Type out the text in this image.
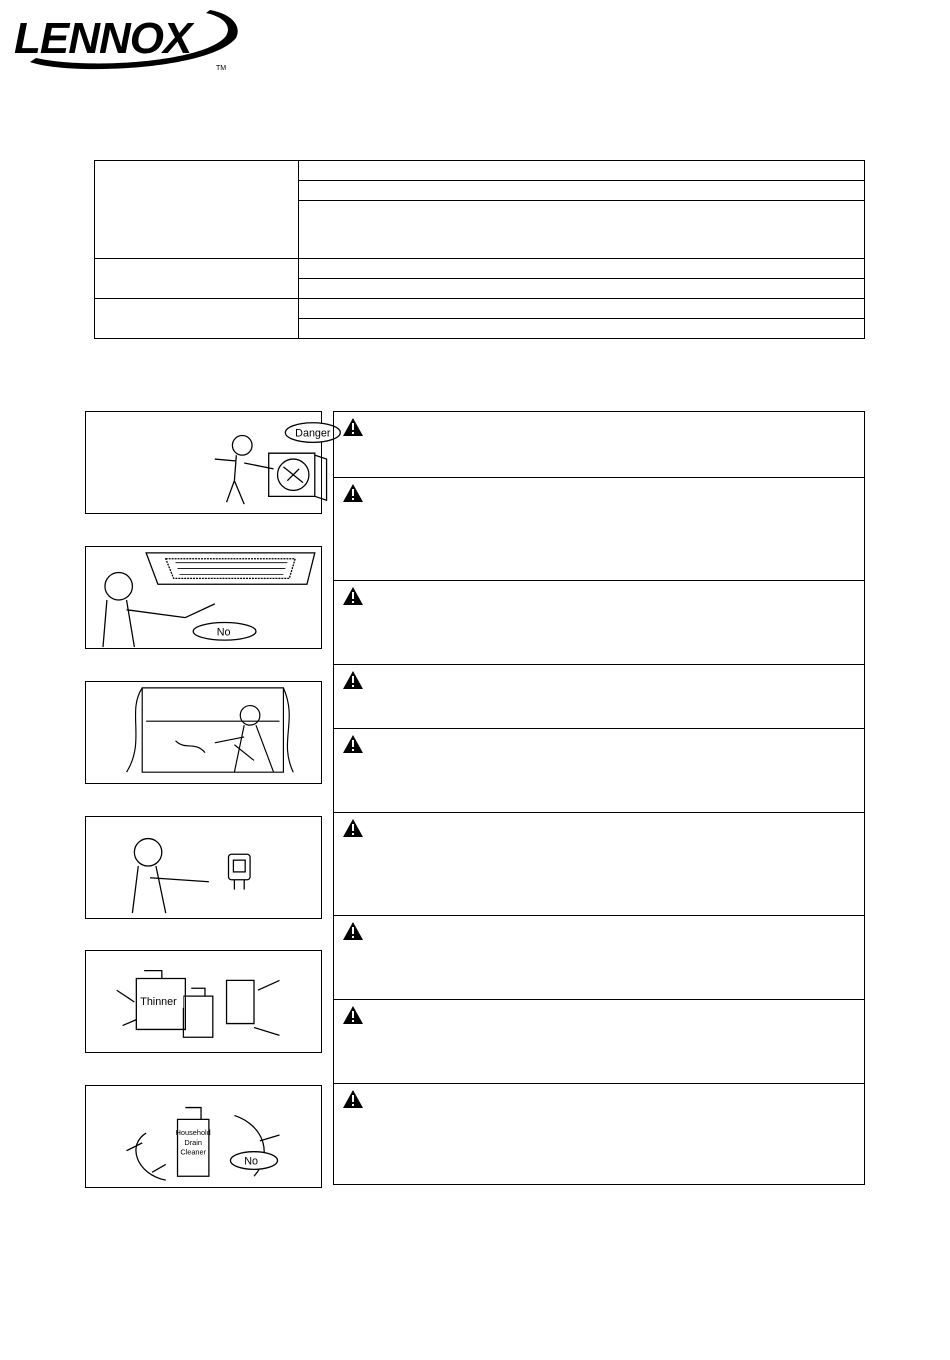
LENNOX
TM

Danger
No
Thinner
Household
Drain
Cleaner
No
